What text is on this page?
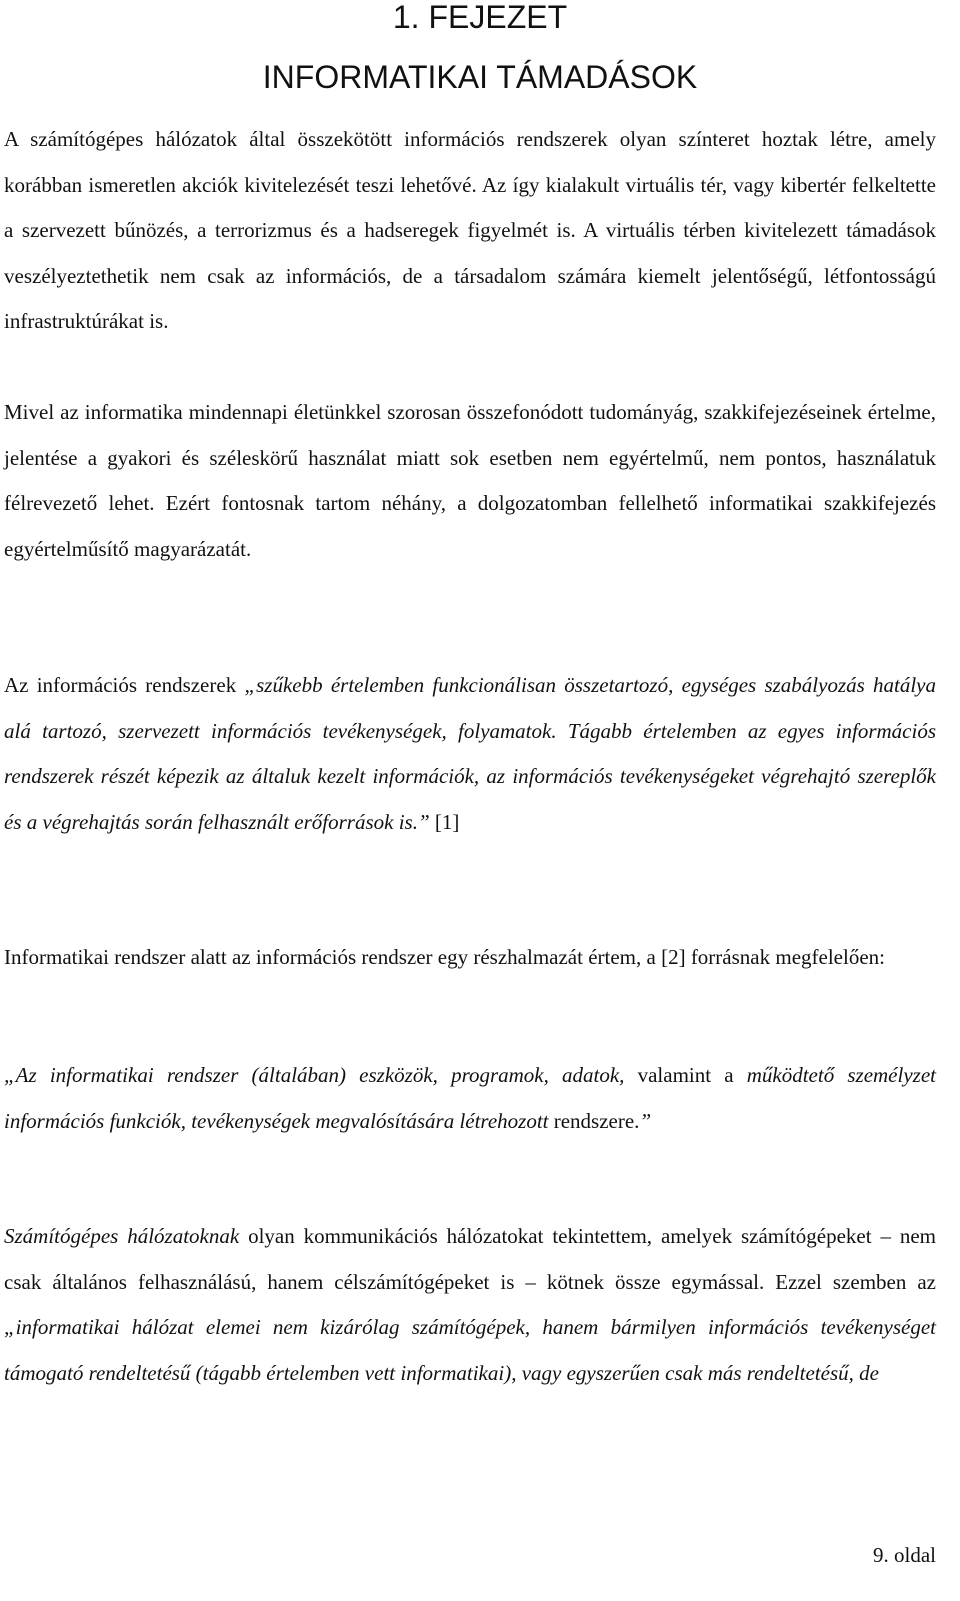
1. FEJEZET
INFORMATIKAI TÁMADÁSOK

A számítógépes hálózatok által összekötött információs rendszerek olyan színteret hoztak létre, amely korábban ismeretlen akciók kivitelezését teszi lehetővé. Az így kialakult virtuális tér, vagy kibertér felkeltette a szervezett bűnözés, a terrorizmus és a hadseregek figyelmét is. A virtuális térben kivitelezett támadások veszélyeztethetik nem csak az információs, de a társadalom számára kiemelt jelentőségű, létfontosságú infrastruktúrákat is.

Mivel az informatika mindennapi életünkkel szorosan összefonódott tudományág, szakkifejezéseinek értelme, jelentése a gyakori és széleskörű használat miatt sok esetben nem egyértelmű, nem pontos, használatuk félrevezető lehet. Ezért fontosnak tartom néhány, a dolgozatomban fellelhető informatikai szakkifejezés egyértelműsítő magyarázatát.

Az információs rendszerek „szűkebb értelemben funkcionálisan összetartozó, egységes szabályozás hatálya alá tartozó, szervezett információs tevékenységek, folyamatok. Tágabb értelemben az egyes információs rendszerek részét képezik az általuk kezelt információk, az információs tevékenységeket végrehajtó szereplők és a végrehajtás során felhasznált erőforrások is.” [1]

Informatikai rendszer alatt az információs rendszer egy részhalmazát értem, a [2] forrásnak megfelelően:

„Az informatikai rendszer (általában) eszközök, programok, adatok, valamint a működtető személyzet információs funkciók, tevékenységek megvalósítására létrehozott rendszere.”

Számítógépes hálózatoknak olyan kommunikációs hálózatokat tekintettem, amelyek számítógépeket – nem csak általános felhasználású, hanem célszámítógépeket is – kötnek össze egymással. Ezzel szemben az „informatikai hálózat elemei nem kizárólag számítógépek, hanem bármilyen információs tevékenységet támogató rendeltetésű (tágabb értelemben vett informatikai), vagy egyszerűen csak más rendeltetésű, de

9. oldal
